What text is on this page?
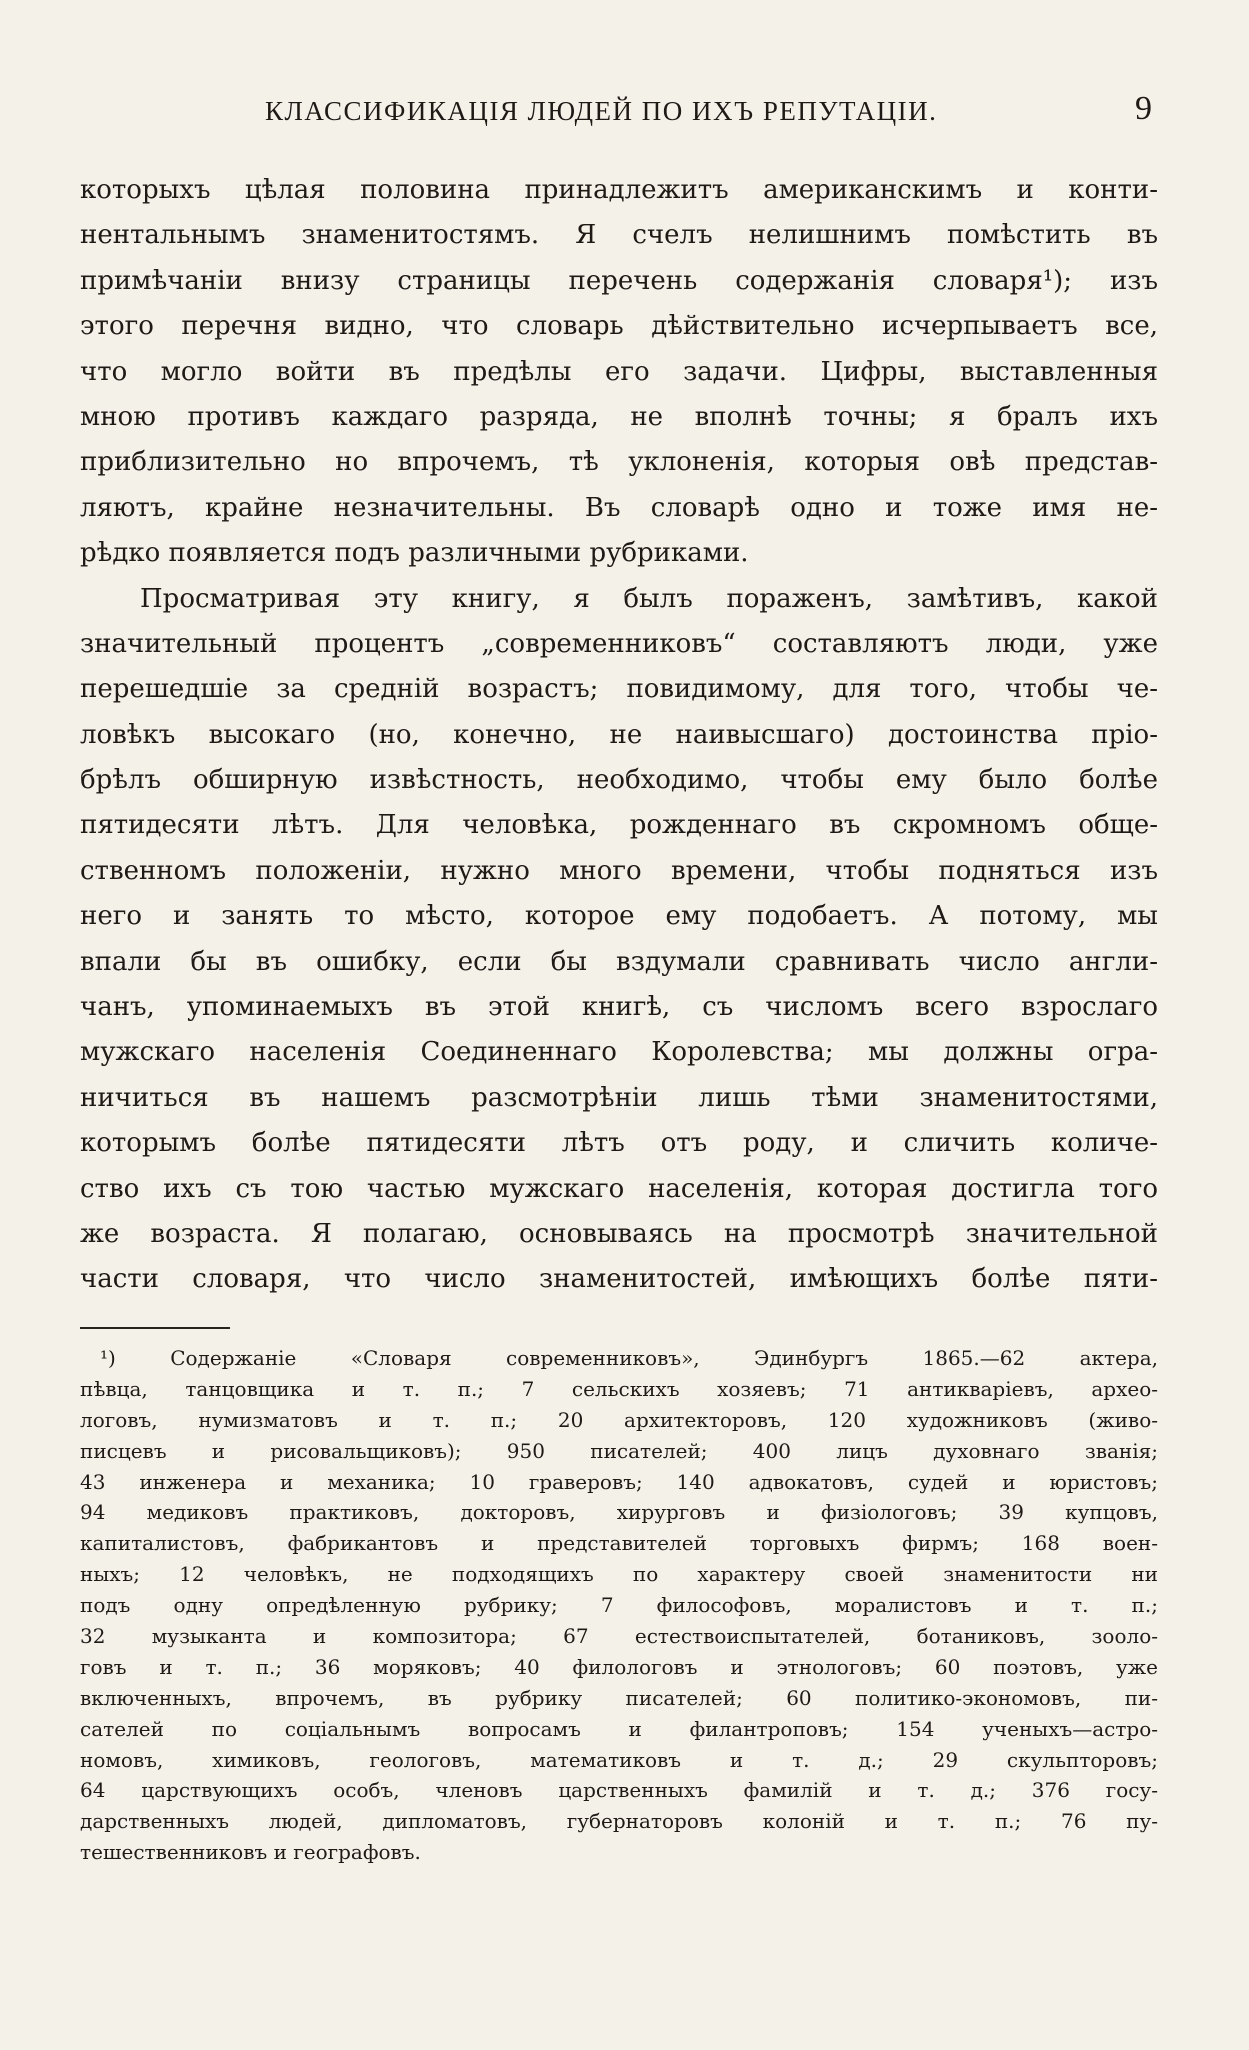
КЛАССИФИКАЦІЯ ЛЮДЕЙ ПО ИХЪ РЕПУТАЦІИ.	9
которыхъ цѣлая половина принадлежитъ американскимъ и конти-
нентальнымъ знаменитостямъ. Я счелъ нелишнимъ помѣстить въ
примѣчаніи внизу страницы перечень содержанія словаря¹); изъ
этого перечня видно, что словарь дѣйствительно исчерпываетъ все,
что могло войти въ предѣлы его задачи. Цифры, выставленныя
мною противъ каждаго разряда, не вполнѣ точны; я бралъ ихъ
приблизительно но впрочемъ, тѣ уклоненія, которыя овѣ представ-
ляютъ, крайне незначительны. Въ словарѣ одно и тоже имя не-
рѣдко появляется подъ различными рубриками.
Просматривая эту книгу, я былъ пораженъ, замѣтивъ, какой
значительный процентъ „современниковъ“ составляютъ люди, уже
перешедшіе за средній возрастъ; повидимому, для того, чтобы че-
ловѣкъ высокаго (но, конечно, не наивысшаго) достоинства пріо-
брѣлъ обширную извѣстность, необходимо, чтобы ему было болѣе
пятидесяти лѣтъ. Для человѣка, рожденнаго въ скромномъ обще-
ственномъ положеніи, нужно много времени, чтобы подняться изъ
него и занять то мѣсто, которое ему подобаетъ. А потому, мы
впали бы въ ошибку, если бы вздумали сравнивать число англи-
чанъ, упоминаемыхъ въ этой книгѣ, съ числомъ всего взрослаго
мужскаго населенія Соединеннаго Королевства; мы должны огра-
ничиться въ нашемъ разсмотрѣніи лишь тѣми знаменитостями,
которымъ болѣе пятидесяти лѣтъ отъ роду, и сличить количе-
ство ихъ съ тою частью мужскаго населенія, которая достигла того
же возраста. Я полагаю, основываясь на просмотрѣ значительной
части словаря, что число знаменитостей, имѣющихъ болѣе пяти-
¹) Содержаніе «Словаря современниковъ», Эдинбургъ 1865.—62 актера,
пѣвца, танцовщика и т. п.; 7 сельскихъ хозяевъ; 71 антикваріевъ, археo-
логовъ, нумизматовъ и т. п.; 20 архитекторовъ, 120 художниковъ (живо-
писцевъ и рисовальщиковъ); 950 писателей; 400 лицъ духовнаго званія;
43 инженера и механика; 10 граверовъ; 140 адвокатовъ, судей и юристовъ;
94 медиковъ практиковъ, докторовъ, хирурговъ и физіологовъ; 39 купцовъ,
капиталистовъ, фабрикантовъ и представителей торговыхъ фирмъ; 168 воен-
ныхъ; 12 человѣкъ, не подходящихъ по характеру своей знаменитости ни
подъ одну опредѣленную рубрику; 7 философовъ, моралистовъ и т. п.;
32 музыканта и композитора; 67 естествоиспытателей, ботаниковъ, зооло-
говъ и т. п.; 36 моряковъ; 40 филологовъ и этнологовъ; 60 поэтовъ, уже
включенныхъ, впрочемъ, въ рубрику писателей; 60 политико-экономовъ, пи-
сателей по соціальнымъ вопросамъ и филантроповъ; 154 ученыхъ—астро-
номовъ, химиковъ, геологовъ, математиковъ и т. д.; 29 скульпторовъ;
64 царствующихъ особъ, членовъ царственныхъ фамилій и т. д.; 376 госу-
дарственныхъ людей, дипломатовъ, губернаторовъ колоній и т. п.; 76 пу-
тешественниковъ и географовъ.
